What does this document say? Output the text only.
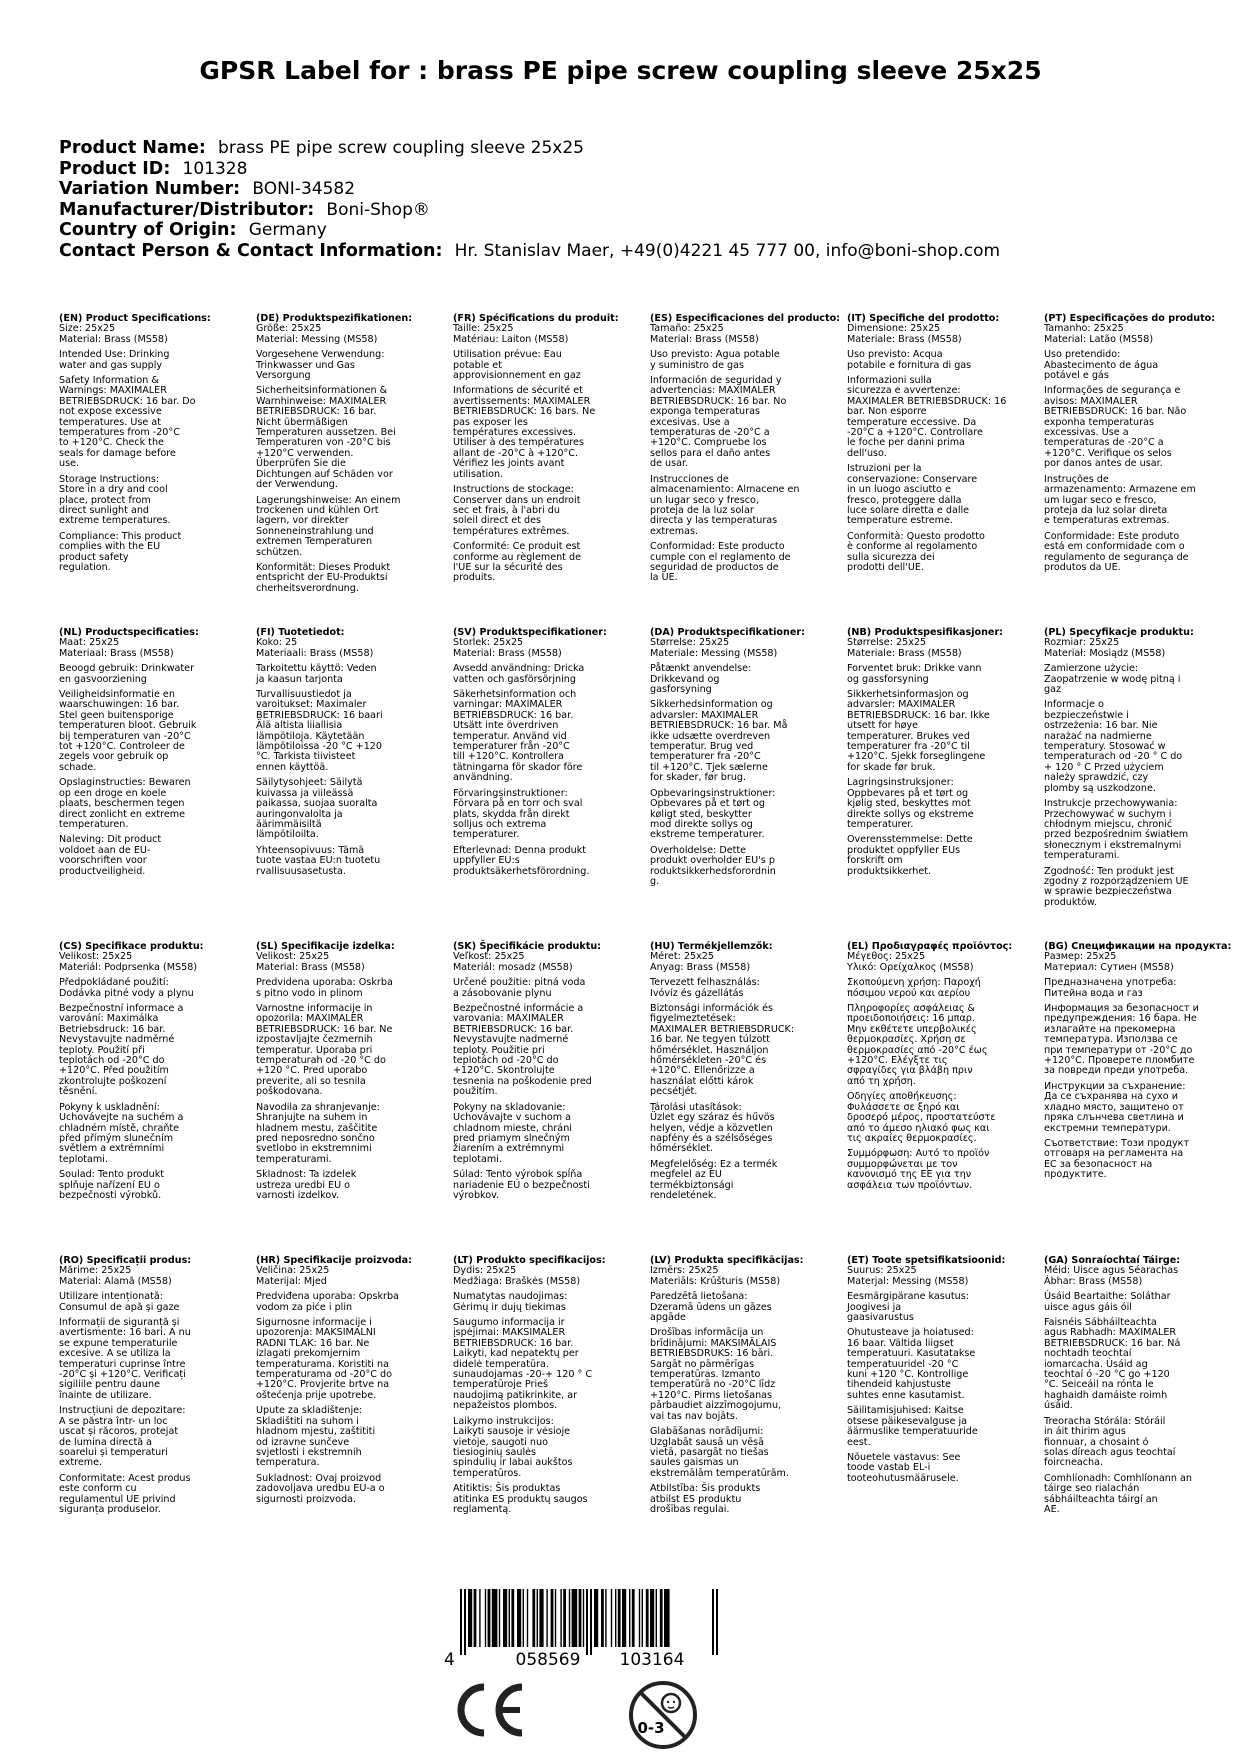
GPSR Label for : brass PE pipe screw coupling sleeve 25x25
Product Name: brass PE pipe screw coupling sleeve 25x25
Product ID: 101328
Variation Number: BONI-34582
Manufacturer/Distributor: Boni-Shop®
Country of Origin: Germany
Contact Person & Contact Information: Hr. Stanislav Maer, +49(0)4221 45 777 00, info@boni-shop.com
(EN) Product Specifications:
Size: 25x25
Material: Brass (MS58)
Intended Use: Drinking
water and gas supply
Safety Information &
Warnings: MAXIMALER
BETRIEBSDRUCK: 16 bar. Do
not expose excessive
temperatures. Use at
temperatures from -20°C
to +120°C. Check the
seals for damage before
use.
Storage Instructions:
Store in a dry and cool
place, protect from
direct sunlight and
extreme temperatures.
Compliance: This product
complies with the EU
product safety
regulation.
(DE) Produktspezifikationen:
Größe: 25x25
Material: Messing (MS58)
Vorgesehene Verwendung:
Trinkwasser und Gas
Versorgung
Sicherheitsinformationen &
Warnhinweise: MAXIMALER
BETRIEBSDRUCK: 16 bar.
Nicht übermäßigen
Temperaturen aussetzen. Bei
Temperaturen von -20°C bis
+120°C verwenden.
Überprüfen Sie die
Dichtungen auf Schäden vor
der Verwendung.
Lagerungshinweise: An einem
trockenen und kühlen Ort
lagern, vor direkter
Sonneneinstrahlung und
extremen Temperaturen
schützen.
Konformität: Dieses Produkt
entspricht der EU-Produktsi
cherheitsverordnung.
(FR) Spécifications du produit:
Taille: 25x25
Matériau: Laiton (MS58)
Utilisation prévue: Eau
potable et
approvisionnement en gaz
Informations de sécurité et
avertissements: MAXIMALER
BETRIEBSDRUCK: 16 bars. Ne
pas exposer les
températures excessives.
Utiliser à des températures
allant de -20°C à +120°C.
Vérifiez les joints avant
utilisation.
Instructions de stockage:
Conserver dans un endroit
sec et frais, à l'abri du
soleil direct et des
températures extrêmes.
Conformité: Ce produit est
conforme au règlement de
l'UE sur la sécurité des
produits.
(ES) Especificaciones del producto:
Tamaño: 25x25
Material: Brass (MS58)
Uso previsto: Agua potable
y suministro de gas
Información de seguridad y
advertencias: MAXIMALER
BETRIEBSDRUCK: 16 bar. No
exponga temperaturas
excesivas. Use a
temperaturas de -20°C a
+120°C. Compruebe los
sellos para el daño antes
de usar.
Instrucciones de
almacenamiento: Almacene en
un lugar seco y fresco,
proteja de la luz solar
directa y las temperaturas
extremas.
Conformidad: Este producto
cumple con el reglamento de
seguridad de productos de
la UE.
(IT) Specifiche del prodotto:
Dimensione: 25x25
Materiale: Brass (MS58)
Uso previsto: Acqua
potabile e fornitura di gas
Informazioni sulla
sicurezza e avvertenze:
MAXIMALER BETRIEBSDRUCK: 16
bar. Non esporre
temperature eccessive. Da
-20°C a +120°C. Controllare
le foche per danni prima
dell'uso.
Istruzioni per la
conservazione: Conservare
in un luogo asciutto e
fresco, proteggere dalla
luce solare diretta e dalle
temperature estreme.
Conformità: Questo prodotto
è conforme al regolamento
sulla sicurezza dei
prodotti dell'UE.
(PT) Especificações do produto:
Tamanho: 25x25
Material: Latão (MS58)
Uso pretendido:
Abastecimento de água
potável e gás
Informações de segurança e
avisos: MAXIMALER
BETRIEBSDRUCK: 16 bar. Não
exponha temperaturas
excessivas. Use a
temperaturas de -20°C a
+120°C. Verifique os selos
por danos antes de usar.
Instruções de
armazenamento: Armazene em
um lugar seco e fresco,
proteja da luz solar direta
e temperaturas extremas.
Conformidade: Este produto
está em conformidade com o
regulamento de segurança de
produtos da UE.
(NL) Productspecificaties:
Maat: 25x25
Materiaal: Brass (MS58)
Beoogd gebruik: Drinkwater
en gasvoorziening
Veiligheidsinformatie en
waarschuwingen: 16 bar.
Stel geen buitensporige
temperaturen bloot. Gebruik
bij temperaturen van -20°C
tot +120°C. Controleer de
zegels voor gebruik op
schade.
Opslaginstructies: Bewaren
op een droge en koele
plaats, beschermen tegen
direct zonlicht en extreme
temperaturen.
Naleving: Dit product
voldoet aan de EU-
voorschriften voor
productveiligheid.
(FI) Tuotetiedot:
Koko: 25
Materiaali: Brass (MS58)
Tarkoitettu käyttö: Veden
ja kaasun tarjonta
Turvallisuustiedot ja
varoitukset: Maximaler
BETRIEBSDRUCK: 16 baari
Älä altista liiallisia
lämpötiloja. Käytetään
lämpötiloissa -20 °C +120
°C. Tarkista tiivisteet
ennen käyttöä.
Säilytysohjeet: Säilytä
kuivassa ja viileässä
paikassa, suojaa suoralta
auringonvalolta ja
äärimmäisiltä
lämpötiloilta.
Yhteensopivuus: Tämä
tuote vastaa EU:n tuotetu
rvallisuusasetusta.
(SV) Produktspecifikationer:
Storlek: 25x25
Material: Brass (MS58)
Avsedd användning: Dricka
vatten och gasförsörjning
Säkerhetsinformation och
varningar: MAXIMALER
BETRIEBSDRUCK: 16 bar.
Utsätt inte överdriven
temperatur. Använd vid
temperaturer från -20°C
till +120°C. Kontrollera
tätningarna för skador före
användning.
Förvaringsinstruktioner:
Förvara på en torr och sval
plats, skydda från direkt
solljus och extrema
temperaturer.
Efterlevnad: Denna produkt
uppfyller EU:s
produktsäkerhetsförordning.
(DA) Produktspecifikationer:
Størrelse: 25x25
Materiale: Messing (MS58)
Påtænkt anvendelse:
Drikkevand og
gasforsyning
Sikkerhedsinformation og
advarsler: MAXIMALER
BETRIEBSDRUCK: 16 bar. Må
ikke udsætte overdreven
temperatur. Brug ved
temperaturer fra -20°C
til +120°C. Tjek sælerne
for skader, før brug.
Opbevaringsinstruktioner:
Opbevares på et tørt og
køligt sted, beskytter
mod direkte sollys og
ekstreme temperaturer.
Overholdelse: Dette
produkt overholder EU's p
roduktsikkerhedsforordnin
g.
(NB) Produktspesifikasjoner:
Størrelse: 25x25
Materiale: Brass (MS58)
Forventet bruk: Drikke vann
og gassforsyning
Sikkerhetsinformasjon og
advarsler: MAXIMALER
BETRIEBSDRUCK: 16 bar. Ikke
utsett for høye
temperaturer. Brukes ved
temperaturer fra -20°C til
+120°C. Sjekk forseglingene
for skade før bruk.
Lagringsinstruksjoner:
Oppbevares på et tørt og
kjølig sted, beskyttes mot
direkte sollys og ekstreme
temperaturer.
Overensstemmelse: Dette
produktet oppfyller EUs
forskrift om
produktsikkerhet.
(PL) Specyfikacje produktu:
Rozmiar: 25x25
Materiał: Mosiądz (MS58)
Zamierzone użycie:
Zaopatrzenie w wodę pitną i
gaz
Informacje o
bezpieczeństwie i
ostrzeżenia: 16 bar. Nie
narażać na nadmierne
temperatury. Stosować w
temperaturach od -20 ° C do
+ 120 ° C Przed użyciem
należy sprawdzić, czy
plomby są uszkodzone.
Instrukcje przechowywania:
Przechowywać w suchym i
chłodnym miejscu, chronić
przed bezpośrednim światłem
słonecznym i ekstremalnymi
temperaturami.
Zgodność: Ten produkt jest
zgodny z rozporządzeniem UE
w sprawie bezpieczeństwa
produktów.
(CS) Specifikace produktu:
Velikost: 25x25
Materiál: Podprsenka (MS58)
Předpokládané použití:
Dodávka pitné vody a plynu
Bezpečnostní informace a
varování: Maximálka
Betriebsdruck: 16 bar.
Nevystavujte nadměrné
teploty. Použití při
teplotách od -20°C do
+120°C. Před použitím
zkontrolujte poškození
těsnění.
Pokyny k uskladnění:
Uchovávejte na suchém a
chladném místě, chraňte
před přímým slunečním
světlem a extrémními
teplotami.
Soulad: Tento produkt
splňuje nařízení EU o
bezpečnosti výrobků.
(SL) Specifikacije izdelka:
Velikost: 25x25
Material: Brass (MS58)
Predvidena uporaba: Oskrba
s pitno vodo in plinom
Varnostne informacije in
opozorila: MAXIMALER
BETRIEBSDRUCK: 16 bar. Ne
izpostavljajte čezmernih
temperatur. Uporaba pri
temperaturah od -20 °C do
+120 °C. Pred uporabo
preverite, ali so tesnila
poškodovana.
Navodila za shranjevanje:
Shranjujte na suhem in
hladnem mestu, zaščitite
pred neposredno sončno
svetlobo in ekstremnimi
temperaturami.
Skladnost: Ta izdelek
ustreza uredbi EU o
varnosti izdelkov.
(SK) Špecifikácie produktu:
Veľkosť: 25x25
Materiál: mosadz (MS58)
Určené použitie: pitná voda
a zásobovanie plynu
Bezpečnostné informácie a
varovania: MAXIMALER
BETRIEBSDRUCK: 16 bar.
Nevystavujte nadmerné
teploty. Použitie pri
teplotách od -20°C do
+120°C. Skontrolujte
tesnenia na poškodenie pred
použitím.
Pokyny na skladovanie:
Uchovávajte v suchom a
chladnom mieste, chráni
pred priamym slnečným
žiarením a extrémnymi
teplotami.
Súlad: Tento výrobok spĺňa
nariadenie EÚ o bezpečnosti
výrobkov.
(HU) Termékjellemzők:
Méret: 25x25
Anyag: Brass (MS58)
Tervezett felhasználás:
Ivóvíz és gázellátás
Biztonsági információk és
figyelmeztetések:
MAXIMALER BETRIEBSDRUCK:
16 bar. Ne tegyen túlzott
hőmérséklet. Használjon
hőmérsékleten -20°C és
+120°C. Ellenőrizze a
használat előtti károk
pecsétjét.
Tárolási utasítások:
Üzlet egy száraz és hűvös
helyen, védje a közvetlen
napfény és a szélsőséges
hőmérséklet.
Megfelelőség: Ez a termék
megfelel az EU
termékbiztonsági
rendeletének.
(EL) Προδιαγραφές προϊόντος:
Μέγεθος: 25x25
Υλικό: Ορείχαλκος (MS58)
Σκοπούμενη χρήση: Παροχή
πόσιμου νερού και αερίου
Πληροφορίες ασφάλειας &
προειδοποιήσεις: 16 μπαρ.
Μην εκθέτετε υπερβολικές
θερμοκρασίες. Χρήση σε
θερμοκρασίες από -20°C έως
+120°C. Ελέγξτε τις
σφραγίδες για βλάβη πριν
από τη χρήση.
Οδηγίες αποθήκευσης:
Φυλάσσετε σε ξηρό και
δροσερό μέρος, προστατεύστε
από το άμεσο ηλιακό φως και
τις ακραίες θερμοκρασίες.
Συμμόρφωση: Αυτό το προϊόν
συμμορφώνεται με τον
κανονισμό της ΕΕ για την
ασφάλεια των προϊόντων.
(BG) Спецификации на продукта:
Размер: 25x25
Материал: Сутиен (MS58)
Предназначена употреба:
Питейна вода и газ
Информация за безопасност и
предупреждения: 16 бара. Не
излагайте на прекомерна
температура. Използва се
при температури от -20°C до
+120°C. Проверете пломбите
за повреди преди употреба.
Инструкции за съхранение:
Да се съхранява на сухо и
хладно място, защитено от
пряка слънчева светлина и
екстремни температури.
Съответствие: Този продукт
отговаря на регламента на
ЕС за безопасност на
продуктите.
(RO) Specificații produs:
Mărime: 25x25
Material: Alamă (MS58)
Utilizare intenționată:
Consumul de apă și gaze
Informații de siguranță și
avertismente: 16 bari. A nu
se expune temperaturile
excesive. A se utiliza la
temperaturi cuprinse între
-20°C și +120°C. Verificați
sigiliile pentru daune
înainte de utilizare.
Instrucțiuni de depozitare:
A se păstra într- un loc
uscat și răcoros, protejat
de lumina directă a
soarelui și temperaturi
extreme.
Conformitate: Acest produs
este conform cu
regulamentul UE privind
siguranța produselor.
(HR) Specifikacije proizvoda:
Veličina: 25x25
Materijal: Mjed
Predviđena uporaba: Opskrba
vodom za piće i plin
Sigurnosne informacije i
upozorenja: MAKSIMALNI
RADNI TLAK: 16 bar. Ne
izlagati prekomjernim
temperaturama. Koristiti na
temperaturama od -20°C do
+120°C. Provjerite brtve na
oštećenja prije upotrebe.
Upute za skladištenje:
Skladištiti na suhom i
hladnom mjestu, zaštititi
od izravne sunčeve
svjetlosti i ekstremnih
temperatura.
Sukladnost: Ovaj proizvod
zadovoljava uredbu EU-a o
sigurnosti proizvoda.
(LT) Produkto specifikacijos:
Dydis: 25x25
Medžiaga: Braškės (MS58)
Numatytas naudojimas:
Gėrimų ir dujų tiekimas
Saugumo informacija ir
įspėjimai: MAKSIMALER
BETRIEBSDRUCK: 16 bar.
Laikyti, kad nepatektų per
didelė temperatūra.
sunaudojamas -20-+ 120 ° C
temperatūroje Prieš
naudojimą patikrinkite, ar
nepažeistos plombos.
Laikymo instrukcijos:
Laikyti sausoje ir vėsioje
vietoje, saugoti nuo
tiesioginių saulės
spindulių ir labai aukštos
temperatūros.
Atitiktis: Šis produktas
atitinka ES produktų saugos
reglamentą.
(LV) Produkta specifikācijas:
Izmērs: 25x25
Materiāls: Krūšturis (MS58)
Paredzētā lietošana:
Dzeramā ūdens un gāzes
apgāde
Drošības informācija un
brīdinājumi: MAKSIMĀLAIS
BETRIEBSDRUKS: 16 bāri.
Sargāt no pārmērīgas
temperatūras. Izmanto
temperatūrā no -20°C līdz
+120°C. Pirms lietošanas
pārbaudiet aizzīmogojumu,
vai tas nav bojāts.
Glabāšanas norādījumi:
Uzglabāt sausā un vēsā
vietā, pasargāt no tiešas
saules gaismas un
ekstremālām temperatūrām.
Atbilstība: Šis produkts
atbilst ES produktu
drošības regulai.
(ET) Toote spetsifikatsioonid:
Suurus: 25x25
Materjal: Messing (MS58)
Eesmärgipärane kasutus:
Joogivesi ja
gaasivarustus
Ohutusteave ja hoiatused:
16 baar. Vältida liigset
temperatuuri. Kasutatakse
temperatuuridel -20 °C
kuni +120 °C. Kontrollige
tihendeid kahjustuste
suhtes enne kasutamist.
Säilitamisjuhised: Kaitse
otsese päikesevalguse ja
äärmuslike temperatuuride
eest.
Nõuetele vastavus: See
toode vastab EL-i
tooteohutusmäärusele.
(GA) Sonraíochtaí Táirge:
Méid: Uisce agus Séarachas
Ábhar: Brass (MS58)
Úsáid Beartaithe: Soláthar
uisce agus gáis óil
Faisnéis Sábháilteachta
agus Rabhadh: MAXIMALER
BETRIEBSDRUCK: 16 bar. Ná
nochtadh teochtaí
iomarcacha. Úsáid ag
teochtaí ó -20 °C go +120
°C. Seiceáil na rónta le
haghaidh damáiste roimh
úsáid.
Treoracha Stórála: Stóráil
in áit thirim agus
fionnuar, a chosaint ó
solas díreach agus teochtaí
foircneacha.
Comhlíonadh: Comhlíonann an
táirge seo rialachán
sábháilteachta táirgí an
AE.
4	058569 103164
0-3
